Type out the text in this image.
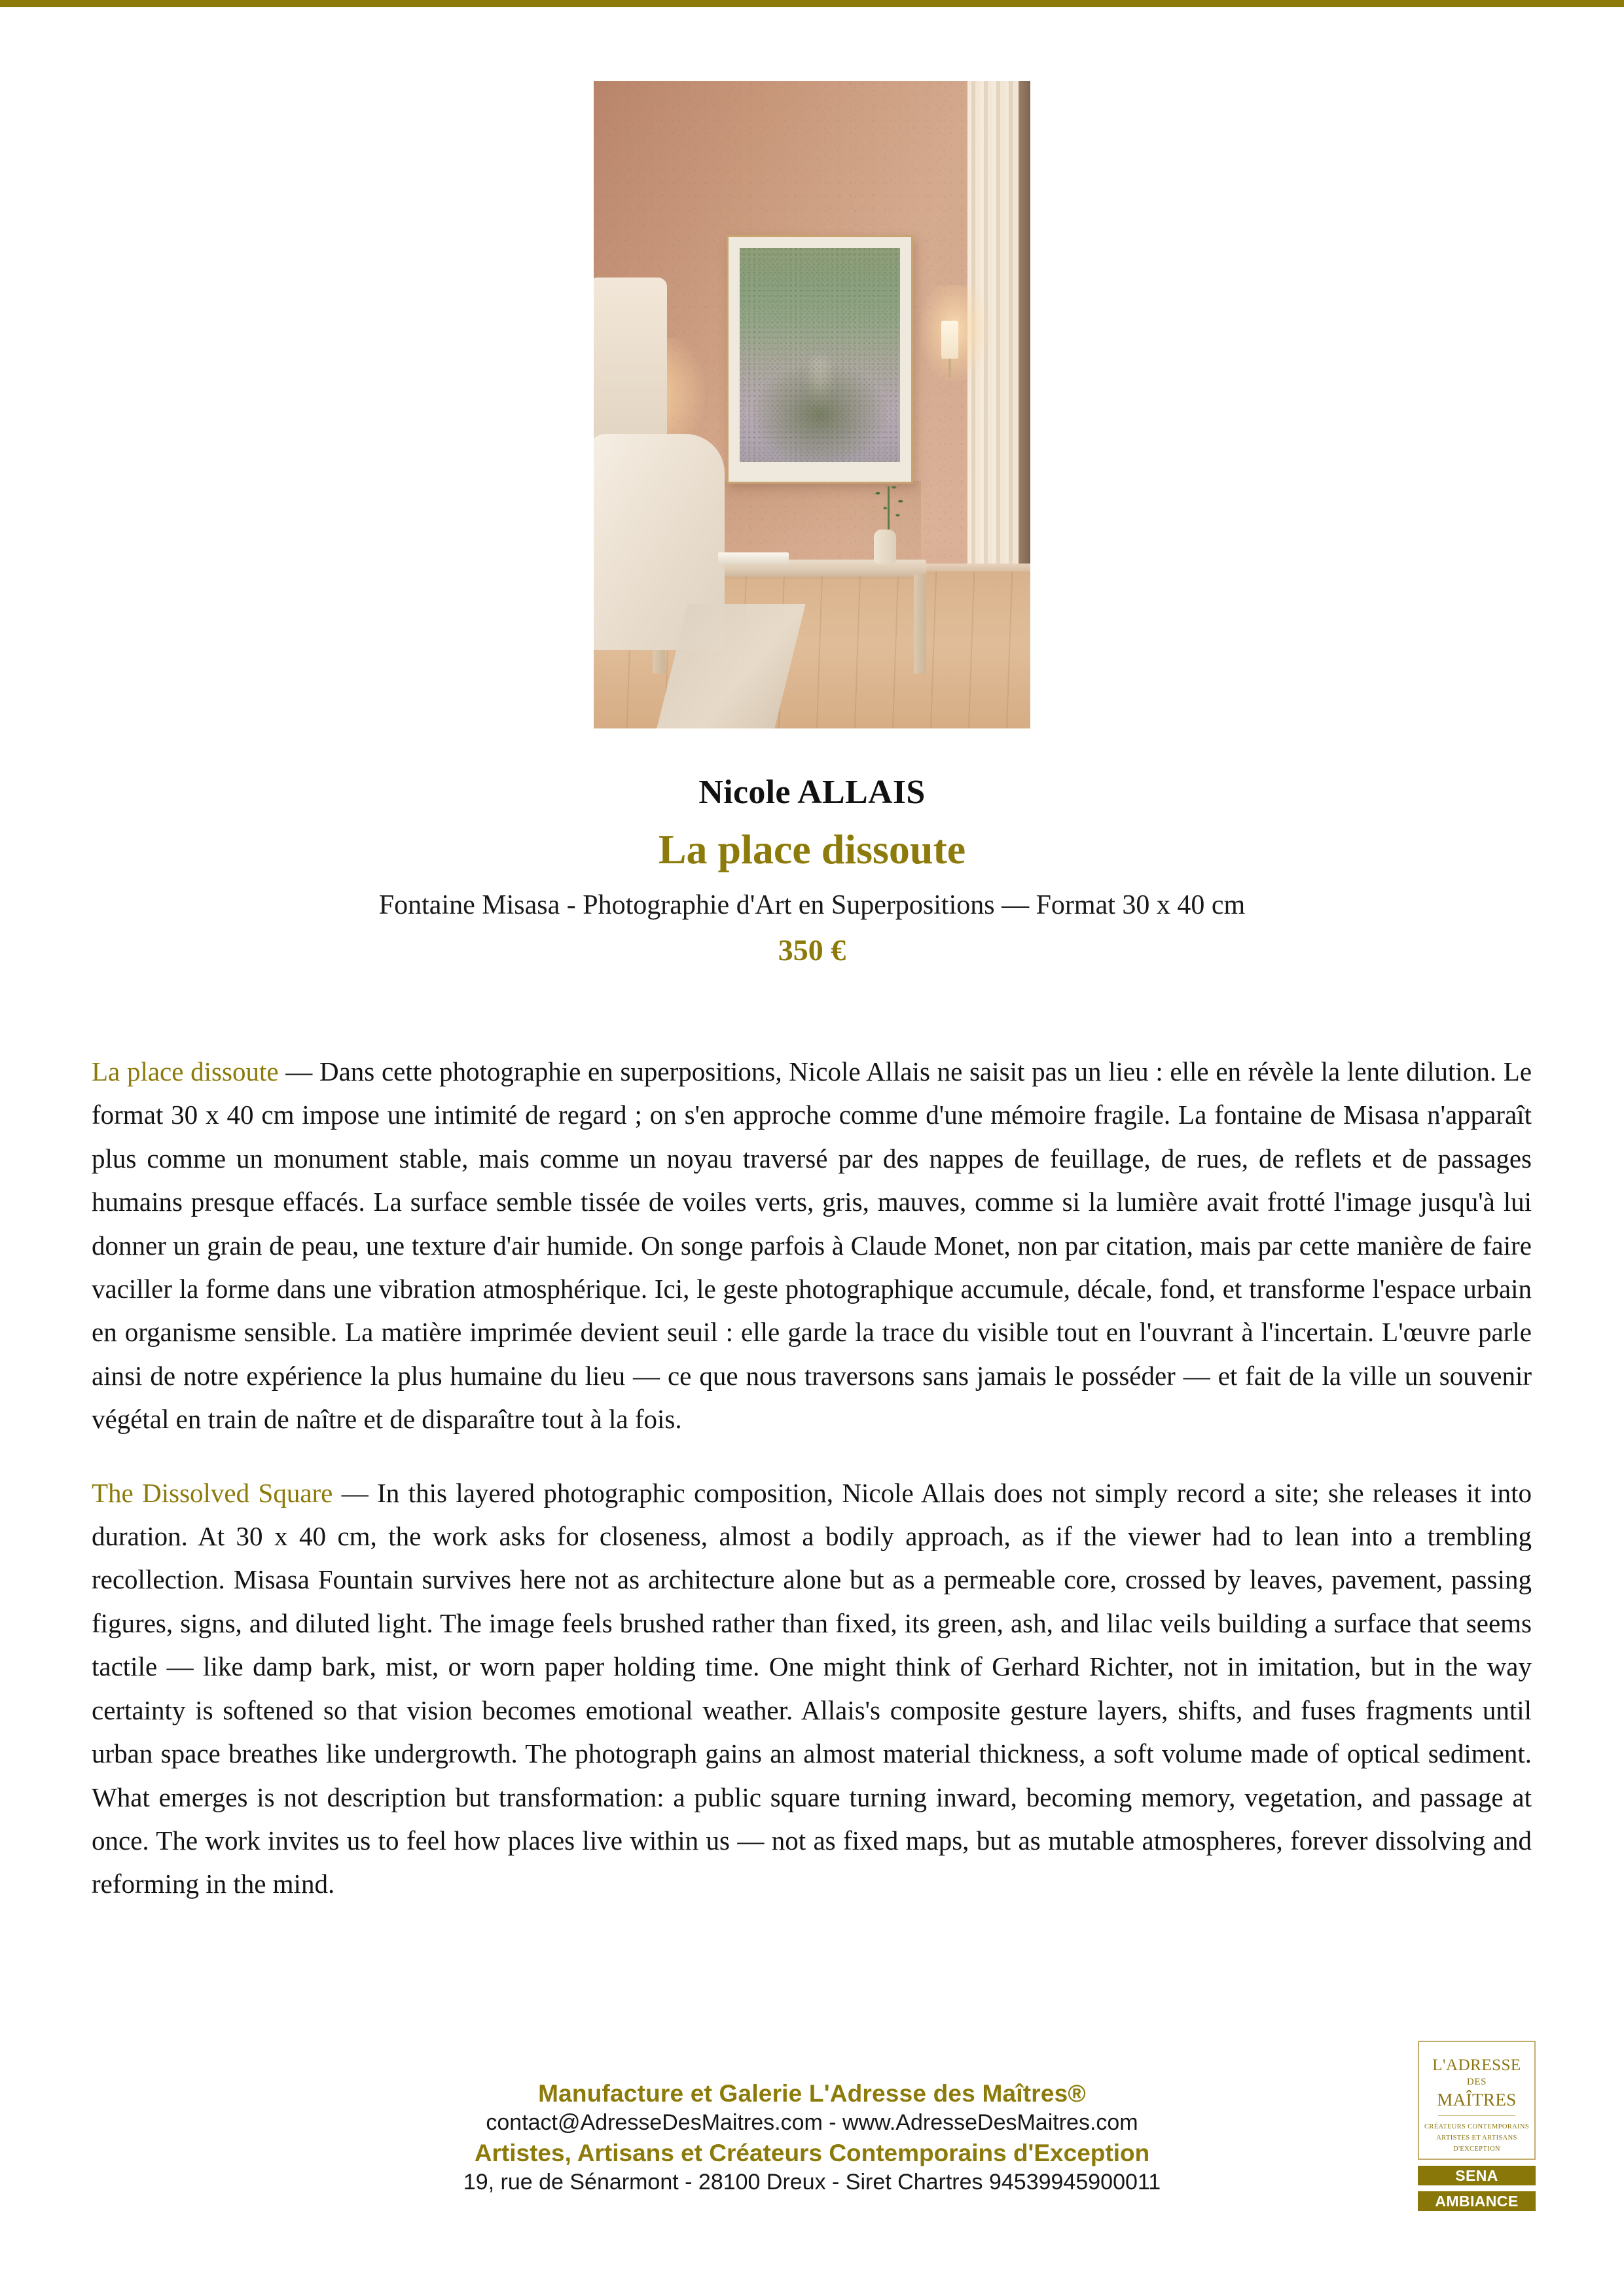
Nicole ALLAIS
La place dissoute
Fontaine Misasa - Photographie d'Art en Superpositions — Format 30 x 40 cm
350 €

La place dissoute — Dans cette photographie en superpositions, Nicole Allais ne saisit pas un lieu : elle en révèle la lente dilution. Le format 30 x 40 cm impose une intimité de regard ; on s'en approche comme d'une mémoire fragile. La fontaine de Misasa n'apparaît plus comme un monument stable, mais comme un noyau traversé par des nappes de feuillage, de rues, de reflets et de passages humains presque effacés. La surface semble tissée de voiles verts, gris, mauves, comme si la lumière avait frotté l'image jusqu'à lui donner un grain de peau, une texture d'air humide. On songe parfois à Claude Monet, non par citation, mais par cette manière de faire vaciller la forme dans une vibration atmosphérique. Ici, le geste photographique accumule, décale, fond, et transforme l'espace urbain en organisme sensible. La matière imprimée devient seuil : elle garde la trace du visible tout en l'ouvrant à l'incertain. L'œuvre parle ainsi de notre expérience la plus humaine du lieu — ce que nous traversons sans jamais le posséder — et fait de la ville un souvenir végétal en train de naître et de disparaître tout à la fois.

The Dissolved Square — In this layered photographic composition, Nicole Allais does not simply record a site; she releases it into duration. At 30 x 40 cm, the work asks for closeness, almost a bodily approach, as if the viewer had to lean into a trembling recollection. Misasa Fountain survives here not as architecture alone but as a permeable core, crossed by leaves, pavement, passing figures, signs, and diluted light. The image feels brushed rather than fixed, its green, ash, and lilac veils building a surface that seems tactile — like damp bark, mist, or worn paper holding time. One might think of Gerhard Richter, not in imitation, but in the way certainty is softened so that vision becomes emotional weather. Allais's composite gesture layers, shifts, and fuses fragments until urban space breathes like undergrowth. The photograph gains an almost material thickness, a soft volume made of optical sediment. What emerges is not description but transformation: a public square turning inward, becoming memory, vegetation, and passage at once. The work invites us to feel how places live within us — not as fixed maps, but as mutable atmospheres, forever dissolving and reforming in the mind.

Manufacture et Galerie L'Adresse des Maîtres®
contact@AdresseDesMaitres.com - www.AdresseDesMaitres.com
Artistes, Artisans et Créateurs Contemporains d'Exception
19, rue de Sénarmont - 28100 Dreux - Siret Chartres 94539945900011
L'ADRESSE
DES
MAÎTRES
CRÉATEURS CONTEMPORAINS
ARTISTES ET ARTISANS
D'EXCEPTION
SENA
AMBIANCE
